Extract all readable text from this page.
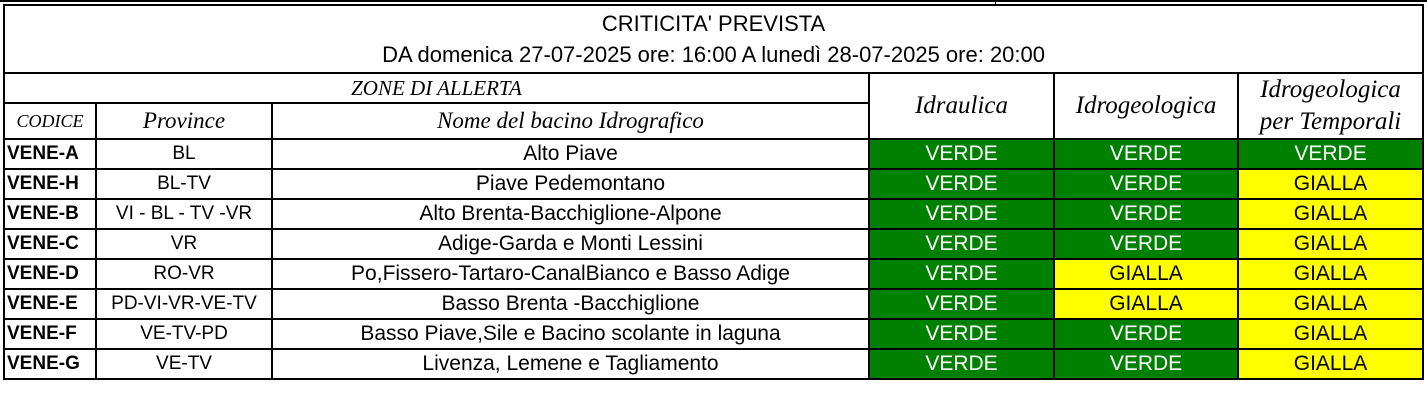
CRITICITA' PREVISTA
DA domenica 27-07-2025 ore: 16:00 A lunedì 28-07-2025 ore: 20:00					

ZONE DI ALLERTA			Idraulica	Idrogeologica	Idrogeologica
per Temporali

CODICE	Province	Nome del bacino Idrografico			
VENE-A	BL	Alto Piave	VERDE	VERDE	VERDE
VENE-H	BL-TV	Piave Pedemontano	VERDE	VERDE	GIALLA
VENE-B	VI - BL - TV -VR	Alto Brenta-Bacchiglione-Alpone	VERDE	VERDE	GIALLA
VENE-C	VR	Adige-Garda e Monti Lessini	VERDE	VERDE	GIALLA
VENE-D	RO-VR	Po,Fissero-Tartaro-CanalBianco e Basso Adige	VERDE	GIALLA	GIALLA
VENE-E	PD-VI-VR-VE-TV	Basso Brenta -Bacchiglione	VERDE	GIALLA	GIALLA
VENE-F	VE-TV-PD	Basso Piave,Sile e Bacino scolante in laguna	VERDE	VERDE	GIALLA
VENE-G	VE-TV	Livenza, Lemene e Tagliamento	VERDE	VERDE	GIALLA
